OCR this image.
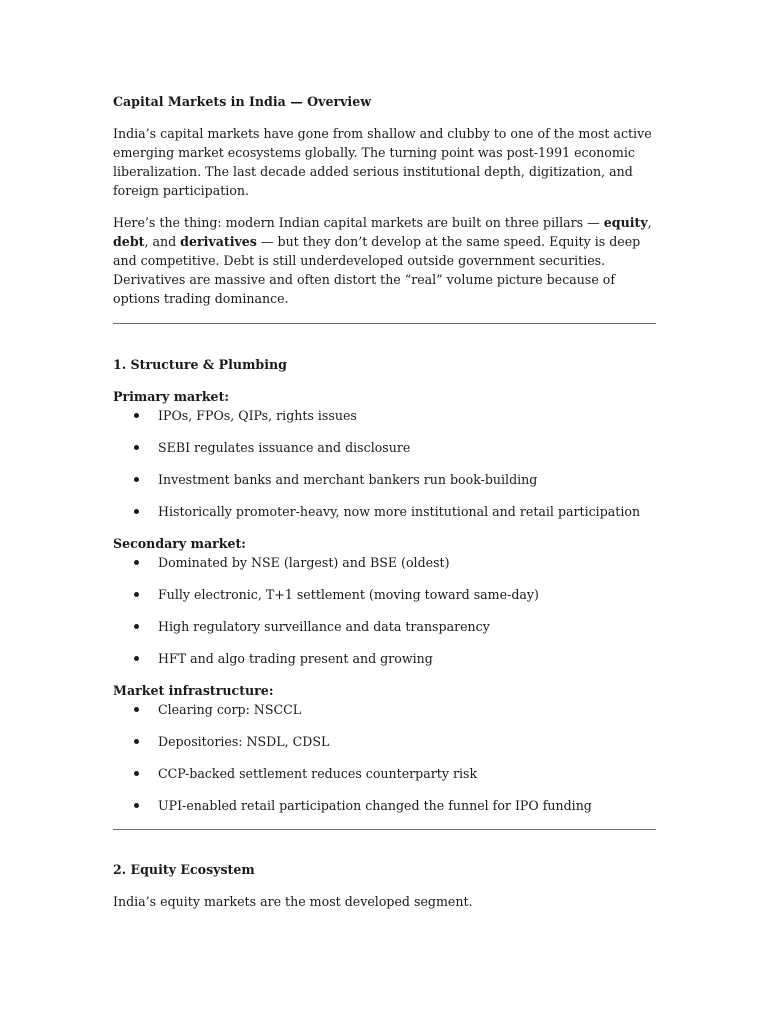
Capital Markets in India — Overview

India’s capital markets have gone from shallow and clubby to one of the most active emerging market ecosystems globally. The turning point was post-1991 economic liberalization. The last decade added serious institutional depth, digitization, and foreign participation.

Here’s the thing: modern Indian capital markets are built on three pillars — equity, debt, and derivatives — but they don’t develop at the same speed. Equity is deep and competitive. Debt is still underdeveloped outside government securities. Derivatives are massive and often distort the “real” volume picture because of options trading dominance.

1. Structure & Plumbing

Primary market:

IPOs, FPOs, QIPs, rights issues
SEBI regulates issuance and disclosure
Investment banks and merchant bankers run book-building
Historically promoter-heavy, now more institutional and retail participation

Secondary market:

Dominated by NSE (largest) and BSE (oldest)
Fully electronic, T+1 settlement (moving toward same-day)
High regulatory surveillance and data transparency
HFT and algo trading present and growing

Market infrastructure:

Clearing corp: NSCCL
Depositories: NSDL, CDSL
CCP-backed settlement reduces counterparty risk
UPI-enabled retail participation changed the funnel for IPO funding

2. Equity Ecosystem

India’s equity markets are the most developed segment.
